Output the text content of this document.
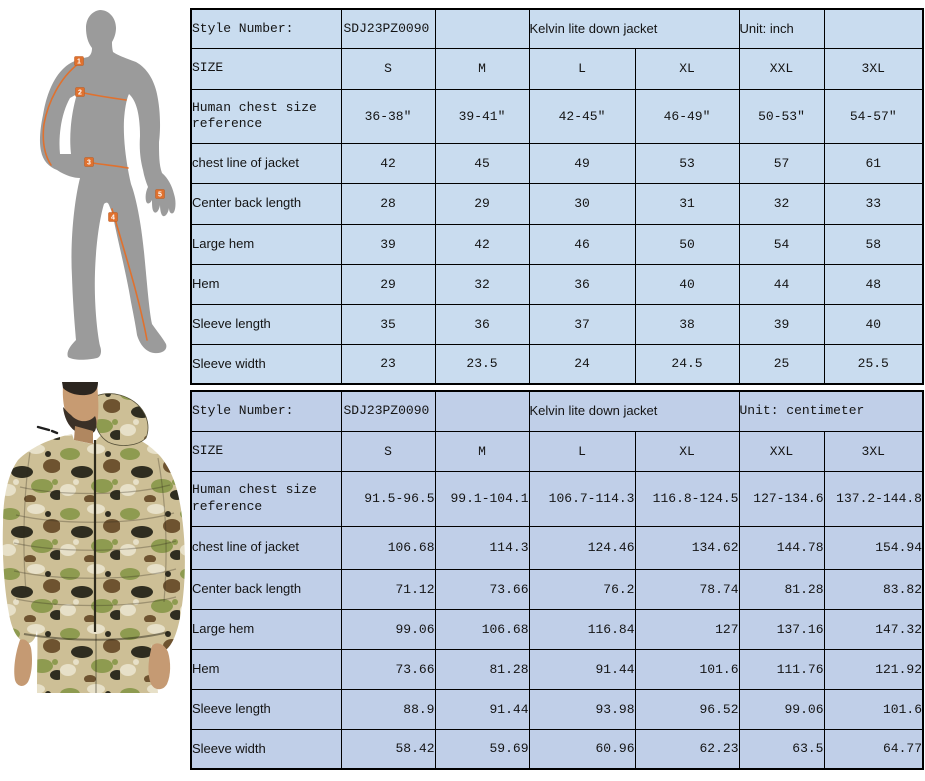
1
2
3
4
5
Style Number:	SDJ23PZ0090		Kelvin lite down jacket		Unit: inch	
SIZE	S	M	L	XL	XXL	3XL
Human chest size reference	36-38″	39-41″	42-45″	46-49″	50-53″	54-57″
chest line of jacket	42	45	49	53	57	61
Center back length	28	29	30	31	32	33
Large hem	39	42	46	50	54	58
Hem	29	32	36	40	44	48
Sleeve length	35	36	37	38	39	40
Sleeve width	23	23.5	24	24.5	25	25.5
Style Number:	SDJ23PZ0090		Kelvin lite down jacket		Unit: centimeter	
SIZE	S	M	L	XL	XXL	3XL
Human chest size reference	91.5-96.5	99.1-104.1	106.7-114.3	116.8-124.5	127-134.6	137.2-144.8
chest line of jacket	106.68	114.3	124.46	134.62	144.78	154.94
Center back length	71.12	73.66	76.2	78.74	81.28	83.82
Large hem	99.06	106.68	116.84	127	137.16	147.32
Hem	73.66	81.28	91.44	101.6	111.76	121.92
Sleeve length	88.9	91.44	93.98	96.52	99.06	101.6
Sleeve width	58.42	59.69	60.96	62.23	63.5	64.77
